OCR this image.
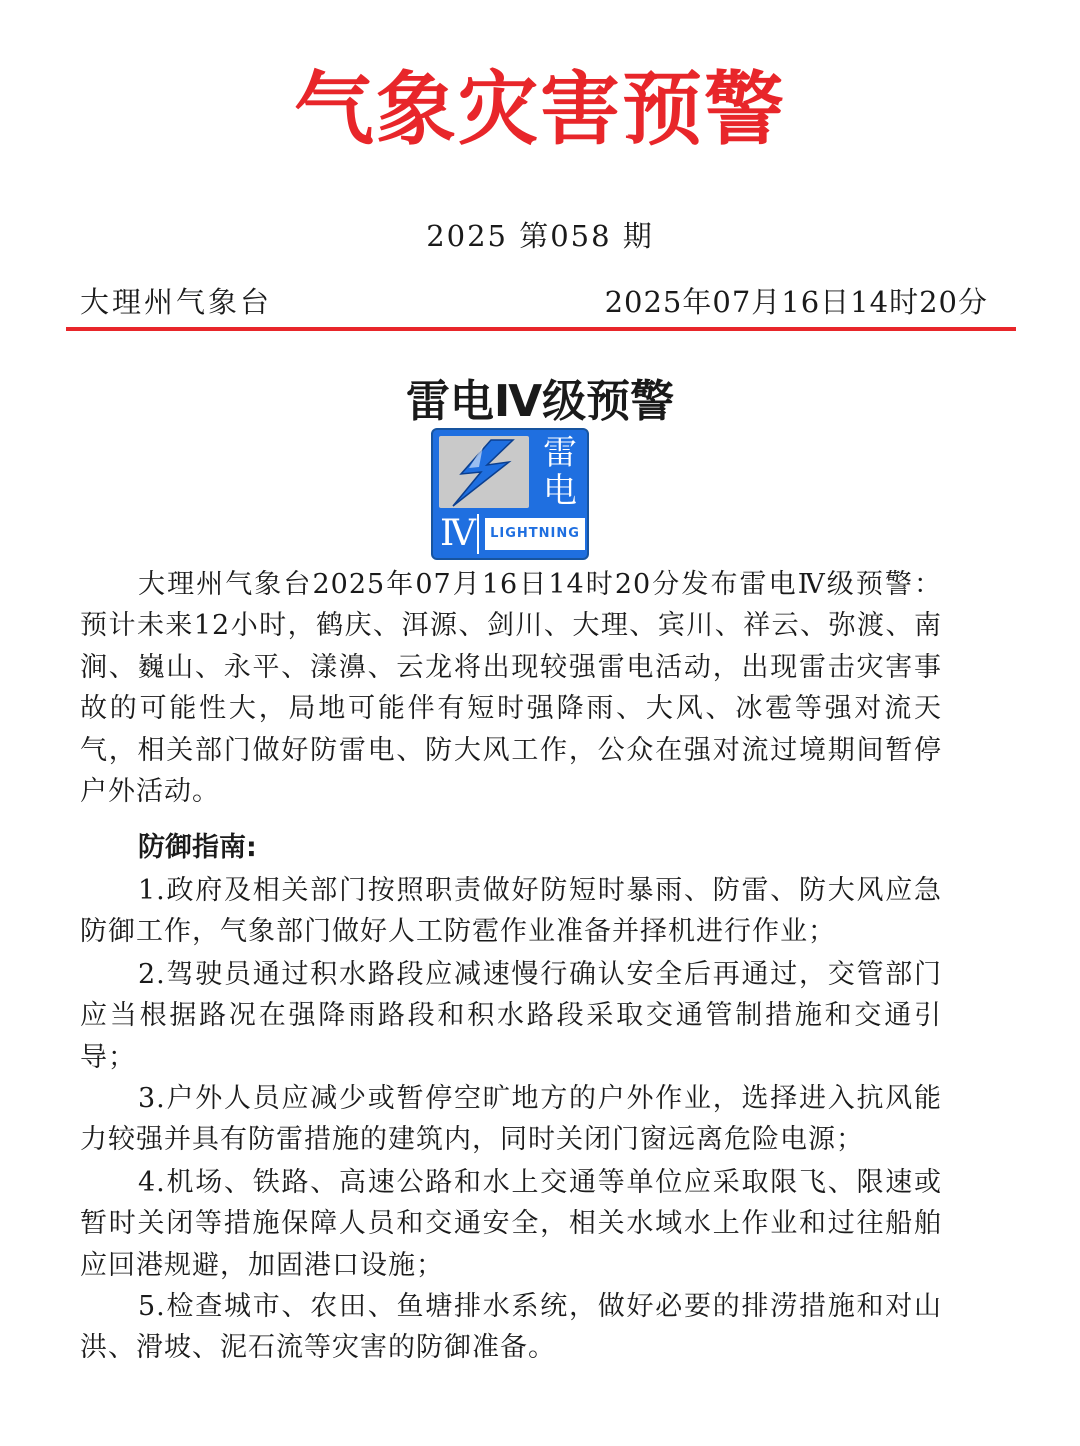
气象灾害预警
2025 第058 期
大理州气象台	2025年07月16日14时20分
雷电Ⅳ级预警
雷
电
Ⅳ	LIGHTNING

大理州气象台2025年07月16日14时20分发布雷电Ⅳ级预警：预计未来12小时，鹤庆、洱源、剑川、大理、宾川、祥云、弥渡、南涧、巍山、永平、漾濞、云龙将出现较强雷电活动，出现雷击灾害事故的可能性大，局地可能伴有短时强降雨、大风、冰雹等强对流天气，相关部门做好防雷电、防大风工作，公众在强对流过境期间暂停户外活动。

防御指南:

1.政府及相关部门按照职责做好防短时暴雨、防雷、防大风应急防御工作，气象部门做好人工防雹作业准备并择机进行作业；

2.驾驶员通过积水路段应减速慢行确认安全后再通过，交管部门应当根据路况在强降雨路段和积水路段采取交通管制措施和交通引导；

3.户外人员应减少或暂停空旷地方的户外作业，选择进入抗风能力较强并具有防雷措施的建筑内，同时关闭门窗远离危险电源；

4.机场、铁路、高速公路和水上交通等单位应采取限飞、限速或暂时关闭等措施保障人员和交通安全，相关水域水上作业和过往船舶应回港规避，加固港口设施；

5.检查城市、农田、鱼塘排水系统，做好必要的排涝措施和对山洪、滑坡、泥石流等灾害的防御准备。
